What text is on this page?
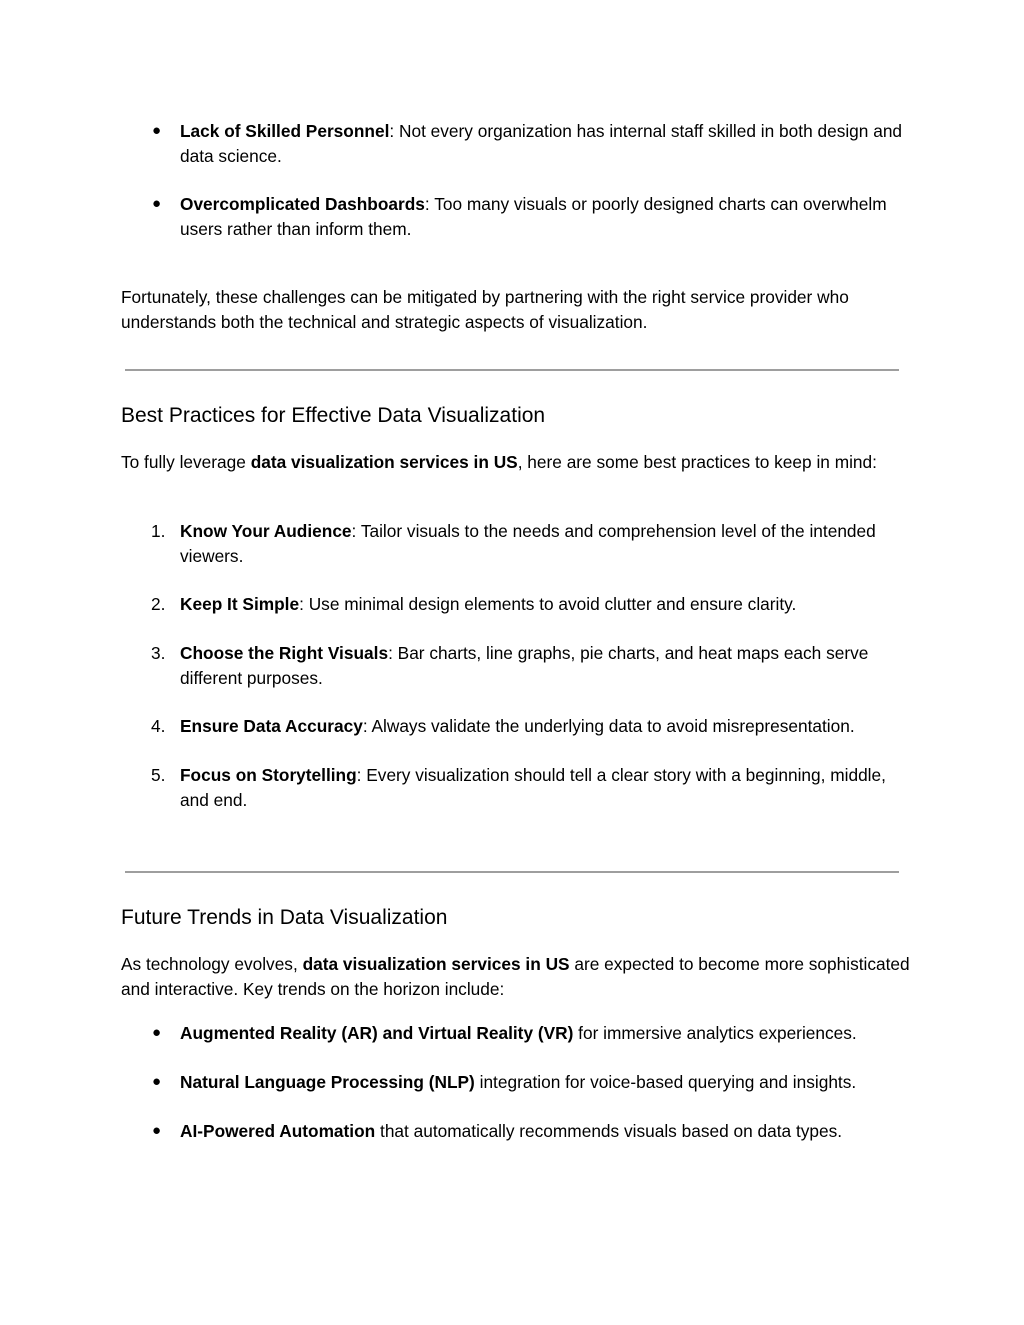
●	Lack of Skilled Personnel: Not every organization has internal staff skilled in both design and data science.
●	Overcomplicated Dashboards: Too many visuals or poorly designed charts can overwhelm users rather than inform them.
Fortunately, these challenges can be mitigated by partnering with the right service provider who understands both the technical and strategic aspects of visualization.
Best Practices for Effective Data Visualization
To fully leverage data visualization services in US, here are some best practices to keep in mind:
1. Know Your Audience: Tailor visuals to the needs and comprehension level of the intended viewers.
2. Keep It Simple: Use minimal design elements to avoid clutter and ensure clarity.
3. Choose the Right Visuals: Bar charts, line graphs, pie charts, and heat maps each serve different purposes.
4. Ensure Data Accuracy: Always validate the underlying data to avoid misrepresentation.
5. Focus on Storytelling: Every visualization should tell a clear story with a beginning, middle, and end.
Future Trends in Data Visualization
As technology evolves, data visualization services in US are expected to become more sophisticated and interactive. Key trends on the horizon include:
●	Augmented Reality (AR) and Virtual Reality (VR) for immersive analytics experiences.
●	Natural Language Processing (NLP) integration for voice-based querying and insights.
●	AI-Powered Automation that automatically recommends visuals based on data types.
